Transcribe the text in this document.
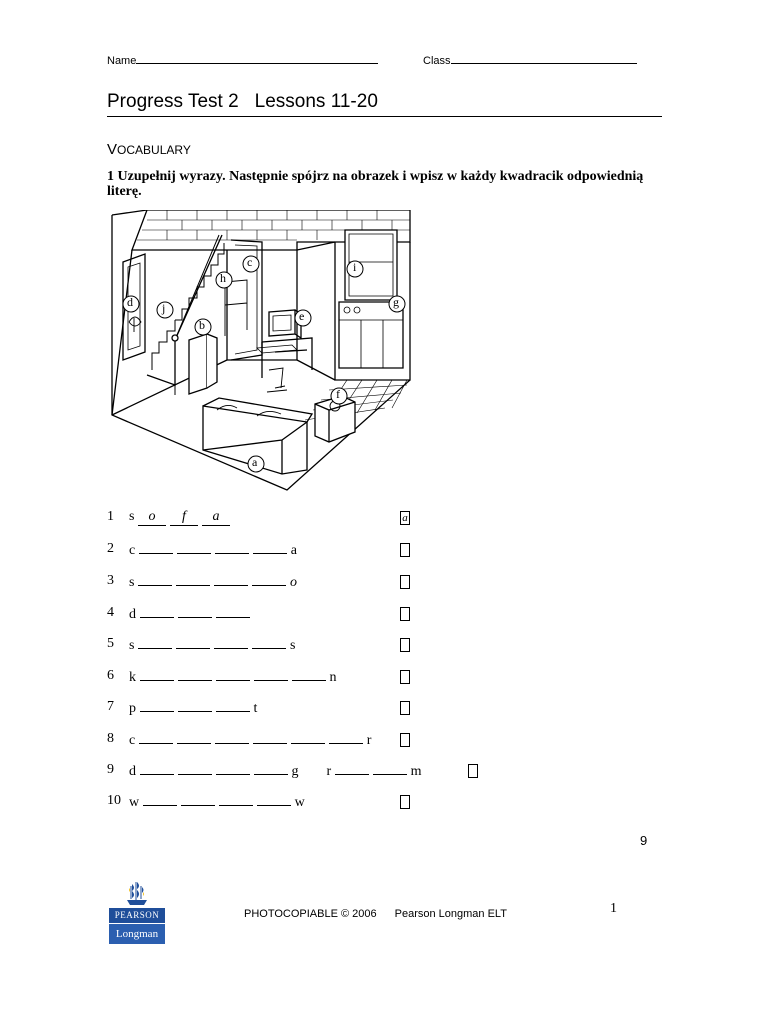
Name	Class
Progress Test 2 Lessons 11-20
VOCABULARY
1 Uzupełnij wyrazy. Następnie spójrz na obrazek i wpisz w każdy kwadracik odpowiednią literę.
a
b
c
d
e
f
g
h
i
j
1 s o f a	a
2 c	a
3 s	o
4 d
5 s	s
6 k	n
7 p	t
8 c	r
9 d	g r	m
10 w	w
9
PEARSON
Longman
PHOTOCOPIABLE © 2006 Pearson Longman ELT	1
